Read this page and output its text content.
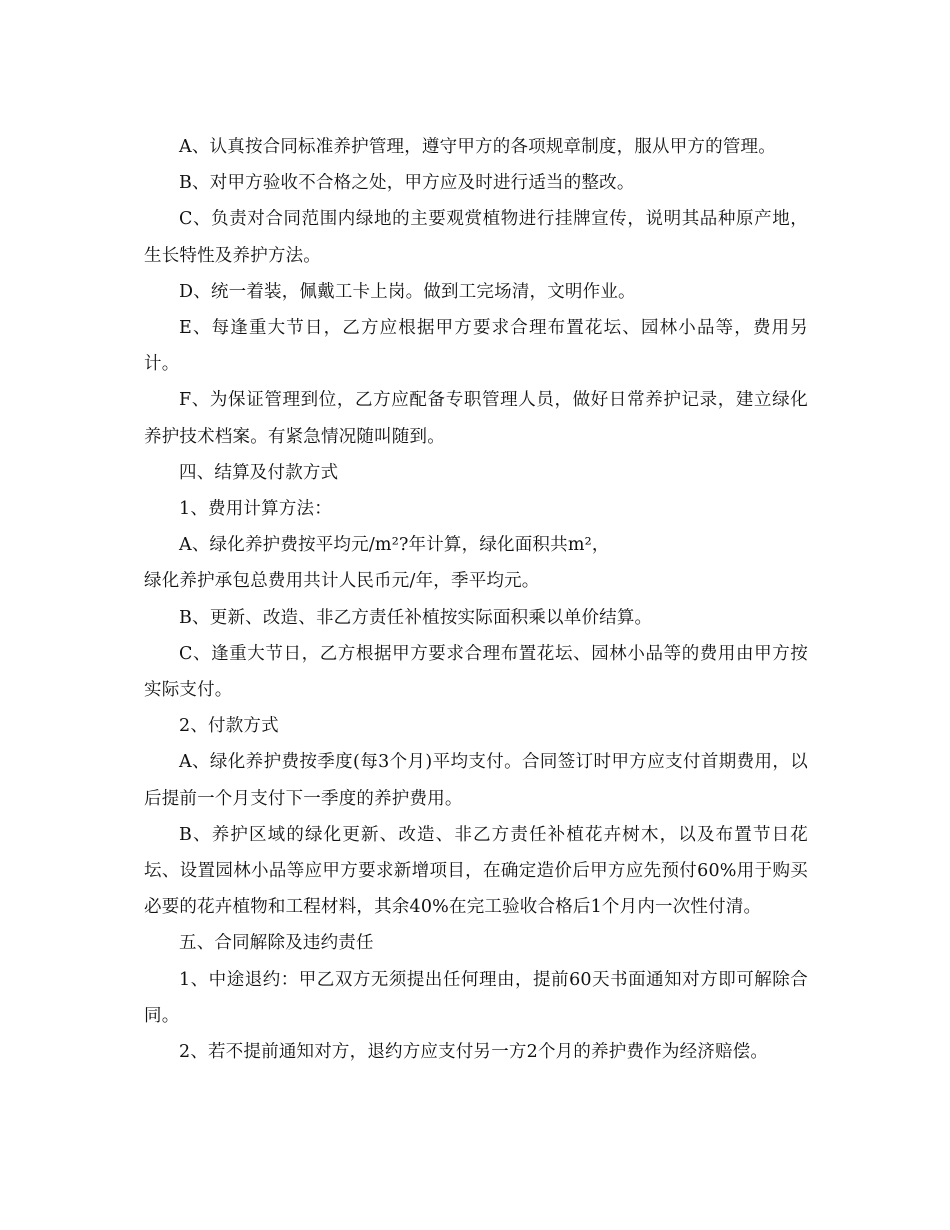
A、认真按合同标准养护管理，遵守甲方的各项规章制度，服从甲方的管理。

B、对甲方验收不合格之处，甲方应及时进行适当的整改。

C、负责对合同范围内绿地的主要观赏植物进行挂牌宣传，说明其品种原产地，生长特性及养护方法。

D、统一着装，佩戴工卡上岗。做到工完场清，文明作业。

E、每逢重大节日，乙方应根据甲方要求合理布置花坛、园林小品等，费用另计。

F、为保证管理到位，乙方应配备专职管理人员，做好日常养护记录，建立绿化养护技术档案。有紧急情况随叫随到。

四、结算及付款方式

1、费用计算方法：

A、绿化养护费按平均元/m²?年计算，绿化面积共m²，

绿化养护承包总费用共计人民币元/年，季平均元。

B、更新、改造、非乙方责任补植按实际面积乘以单价结算。

C、逢重大节日，乙方根据甲方要求合理布置花坛、园林小品等的费用由甲方按实际支付。

2、付款方式

A、绿化养护费按季度(每3个月)平均支付。合同签订时甲方应支付首期费用，以后提前一个月支付下一季度的养护费用。

B、养护区域的绿化更新、改造、非乙方责任补植花卉树木，以及布置节日花坛、设置园林小品等应甲方要求新增项目，在确定造价后甲方应先预付60%用于购买必要的花卉植物和工程材料，其余40%在完工验收合格后1个月内一次性付清。

五、合同解除及违约责任

1、中途退约：甲乙双方无须提出任何理由，提前60天书面通知对方即可解除合同。

2、若不提前通知对方，退约方应支付另一方2个月的养护费作为经济赔偿。
